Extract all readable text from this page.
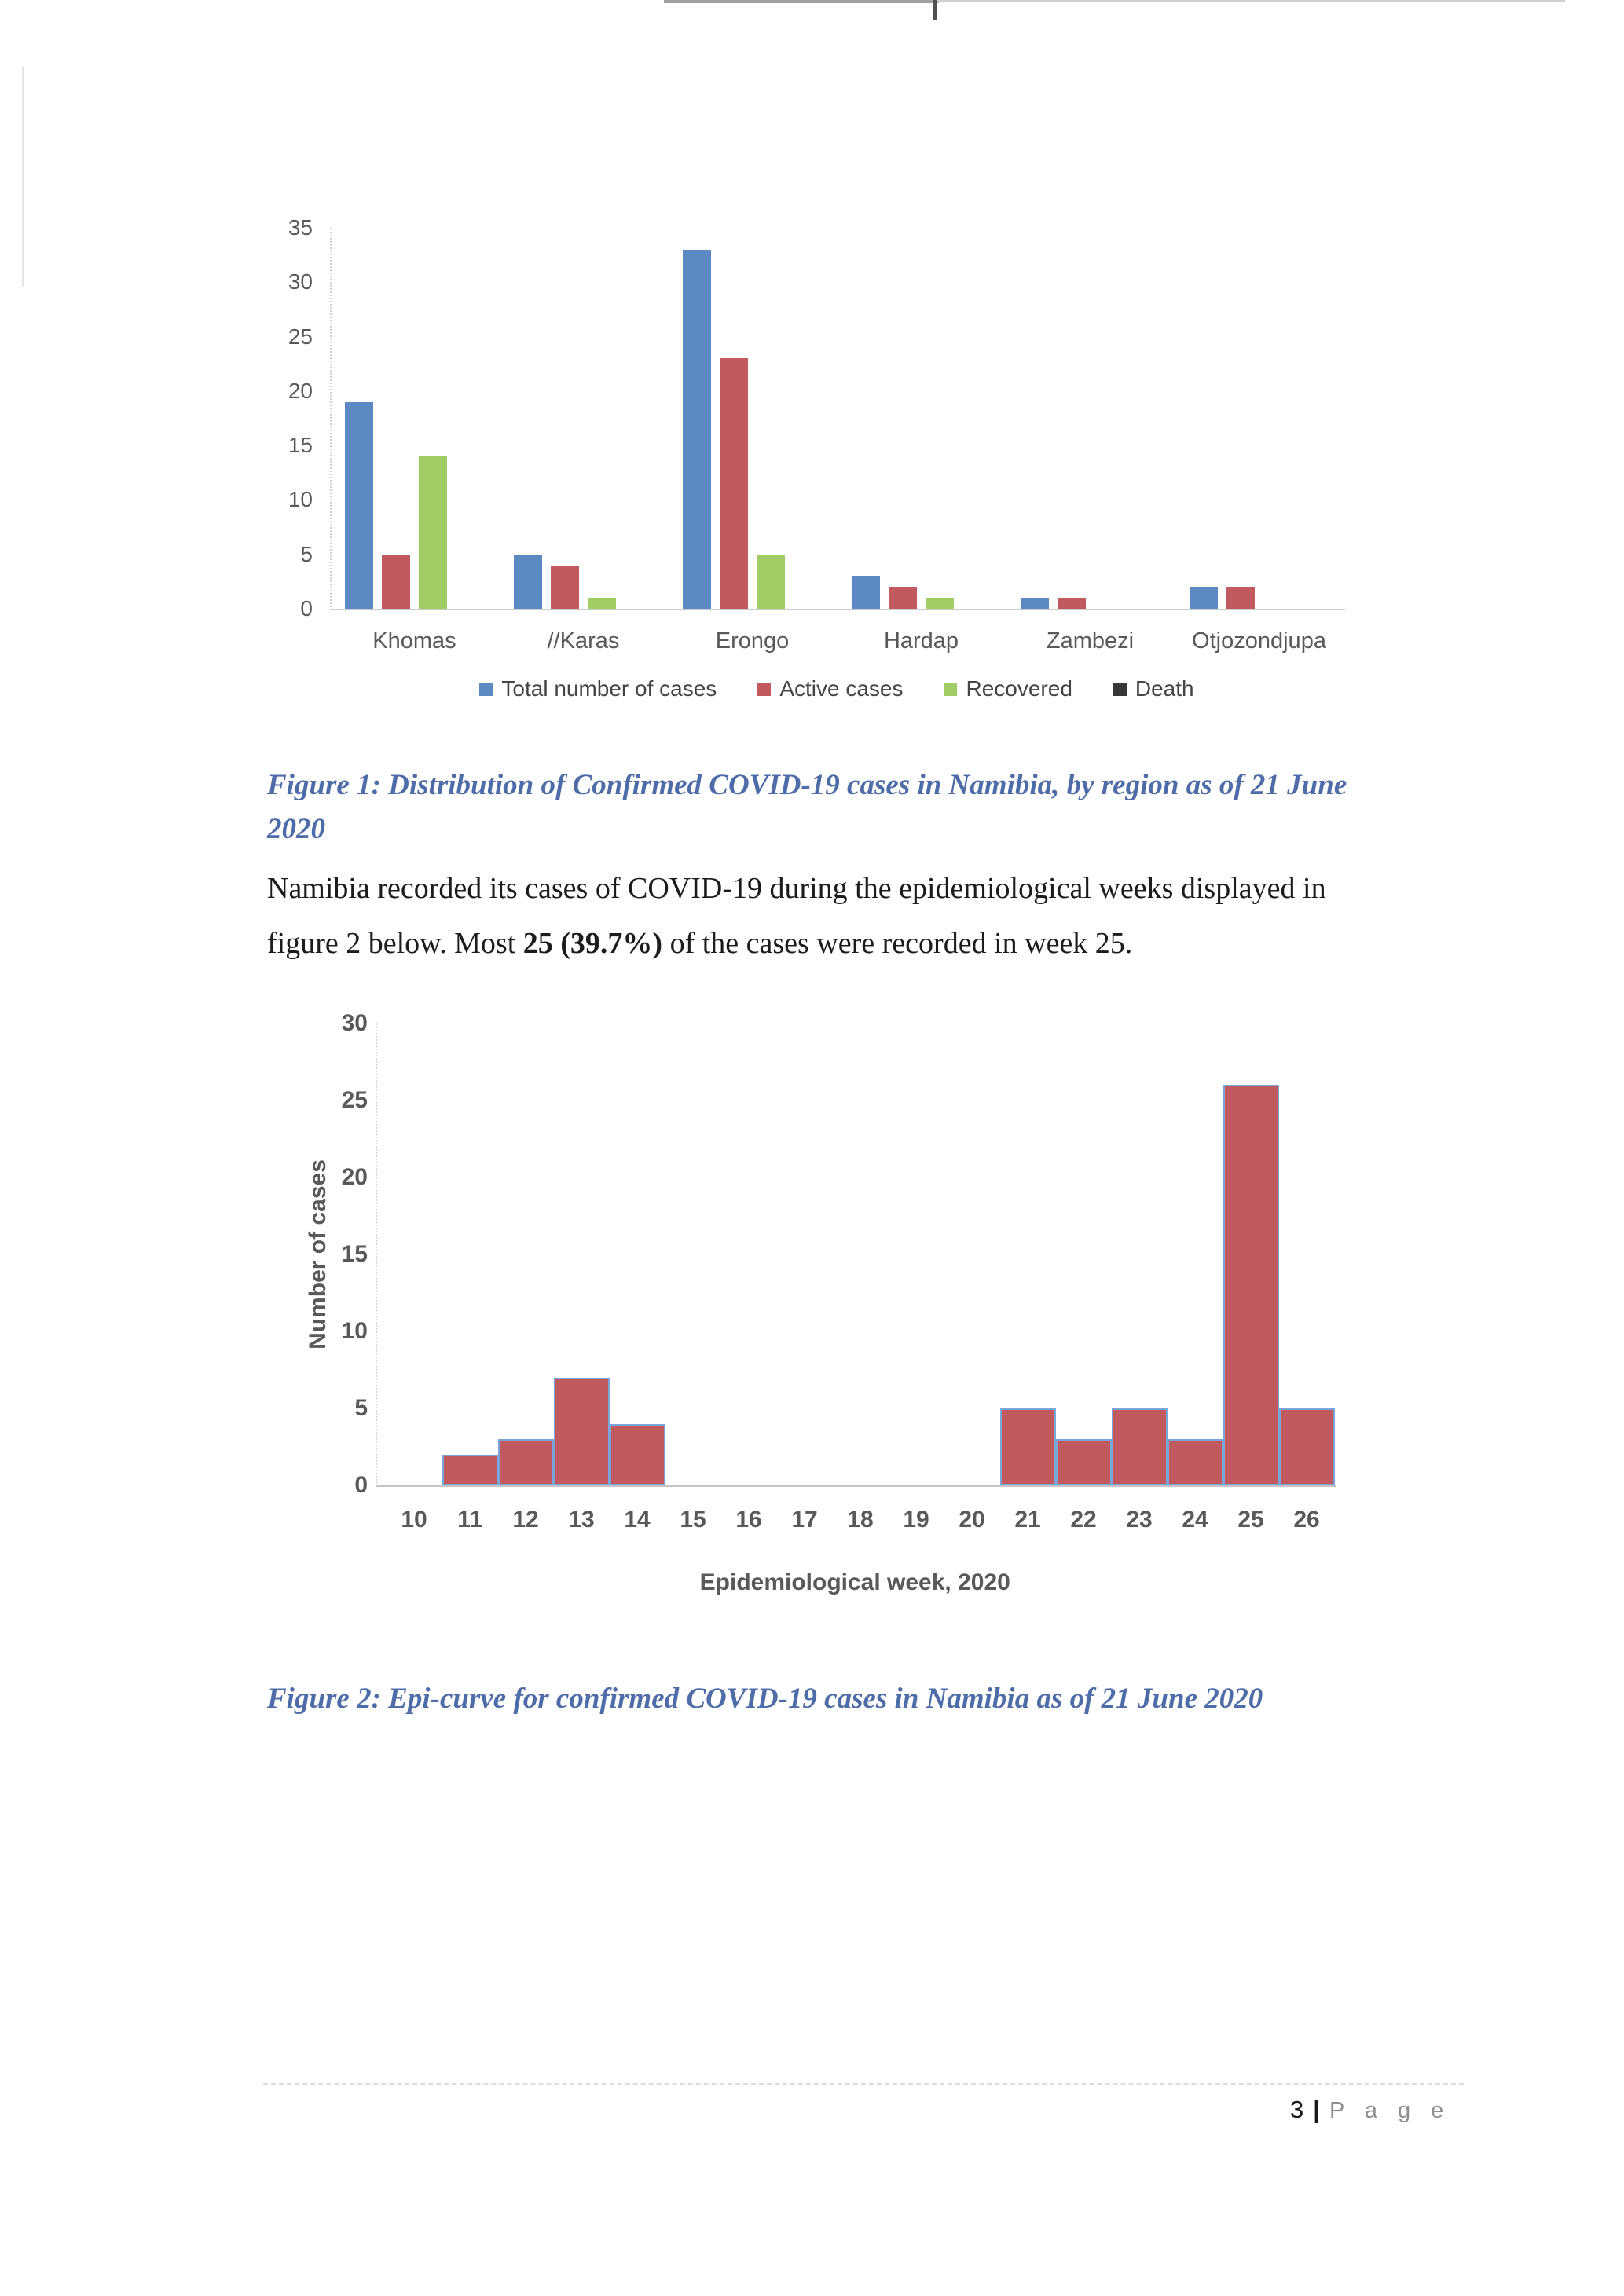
0
5
10
15
20
25
30
35
Khomas	//Karas	Erongo	Hardap	Zambezi	Otjozondjupa
Total number of cases	Active cases	Recovered	Death
Figure 1: Distribution of Confirmed COVID-19 cases in Namibia, by region as of 21 June
2020
Namibia recorded its cases of COVID-19 during the epidemiological weeks displayed in
figure 2 below. Most 25 (39.7%) of the cases were recorded in week 25.
0
5
10
15
20
25
30
Number of cases
10	11	12	13	14	15	16	17	18	19	20	21	22	23	24	25	26
Epidemiological week, 2020
Figure 2: Epi-curve for confirmed COVID-19 cases in Namibia as of 21 June 2020
3 | P a g e
